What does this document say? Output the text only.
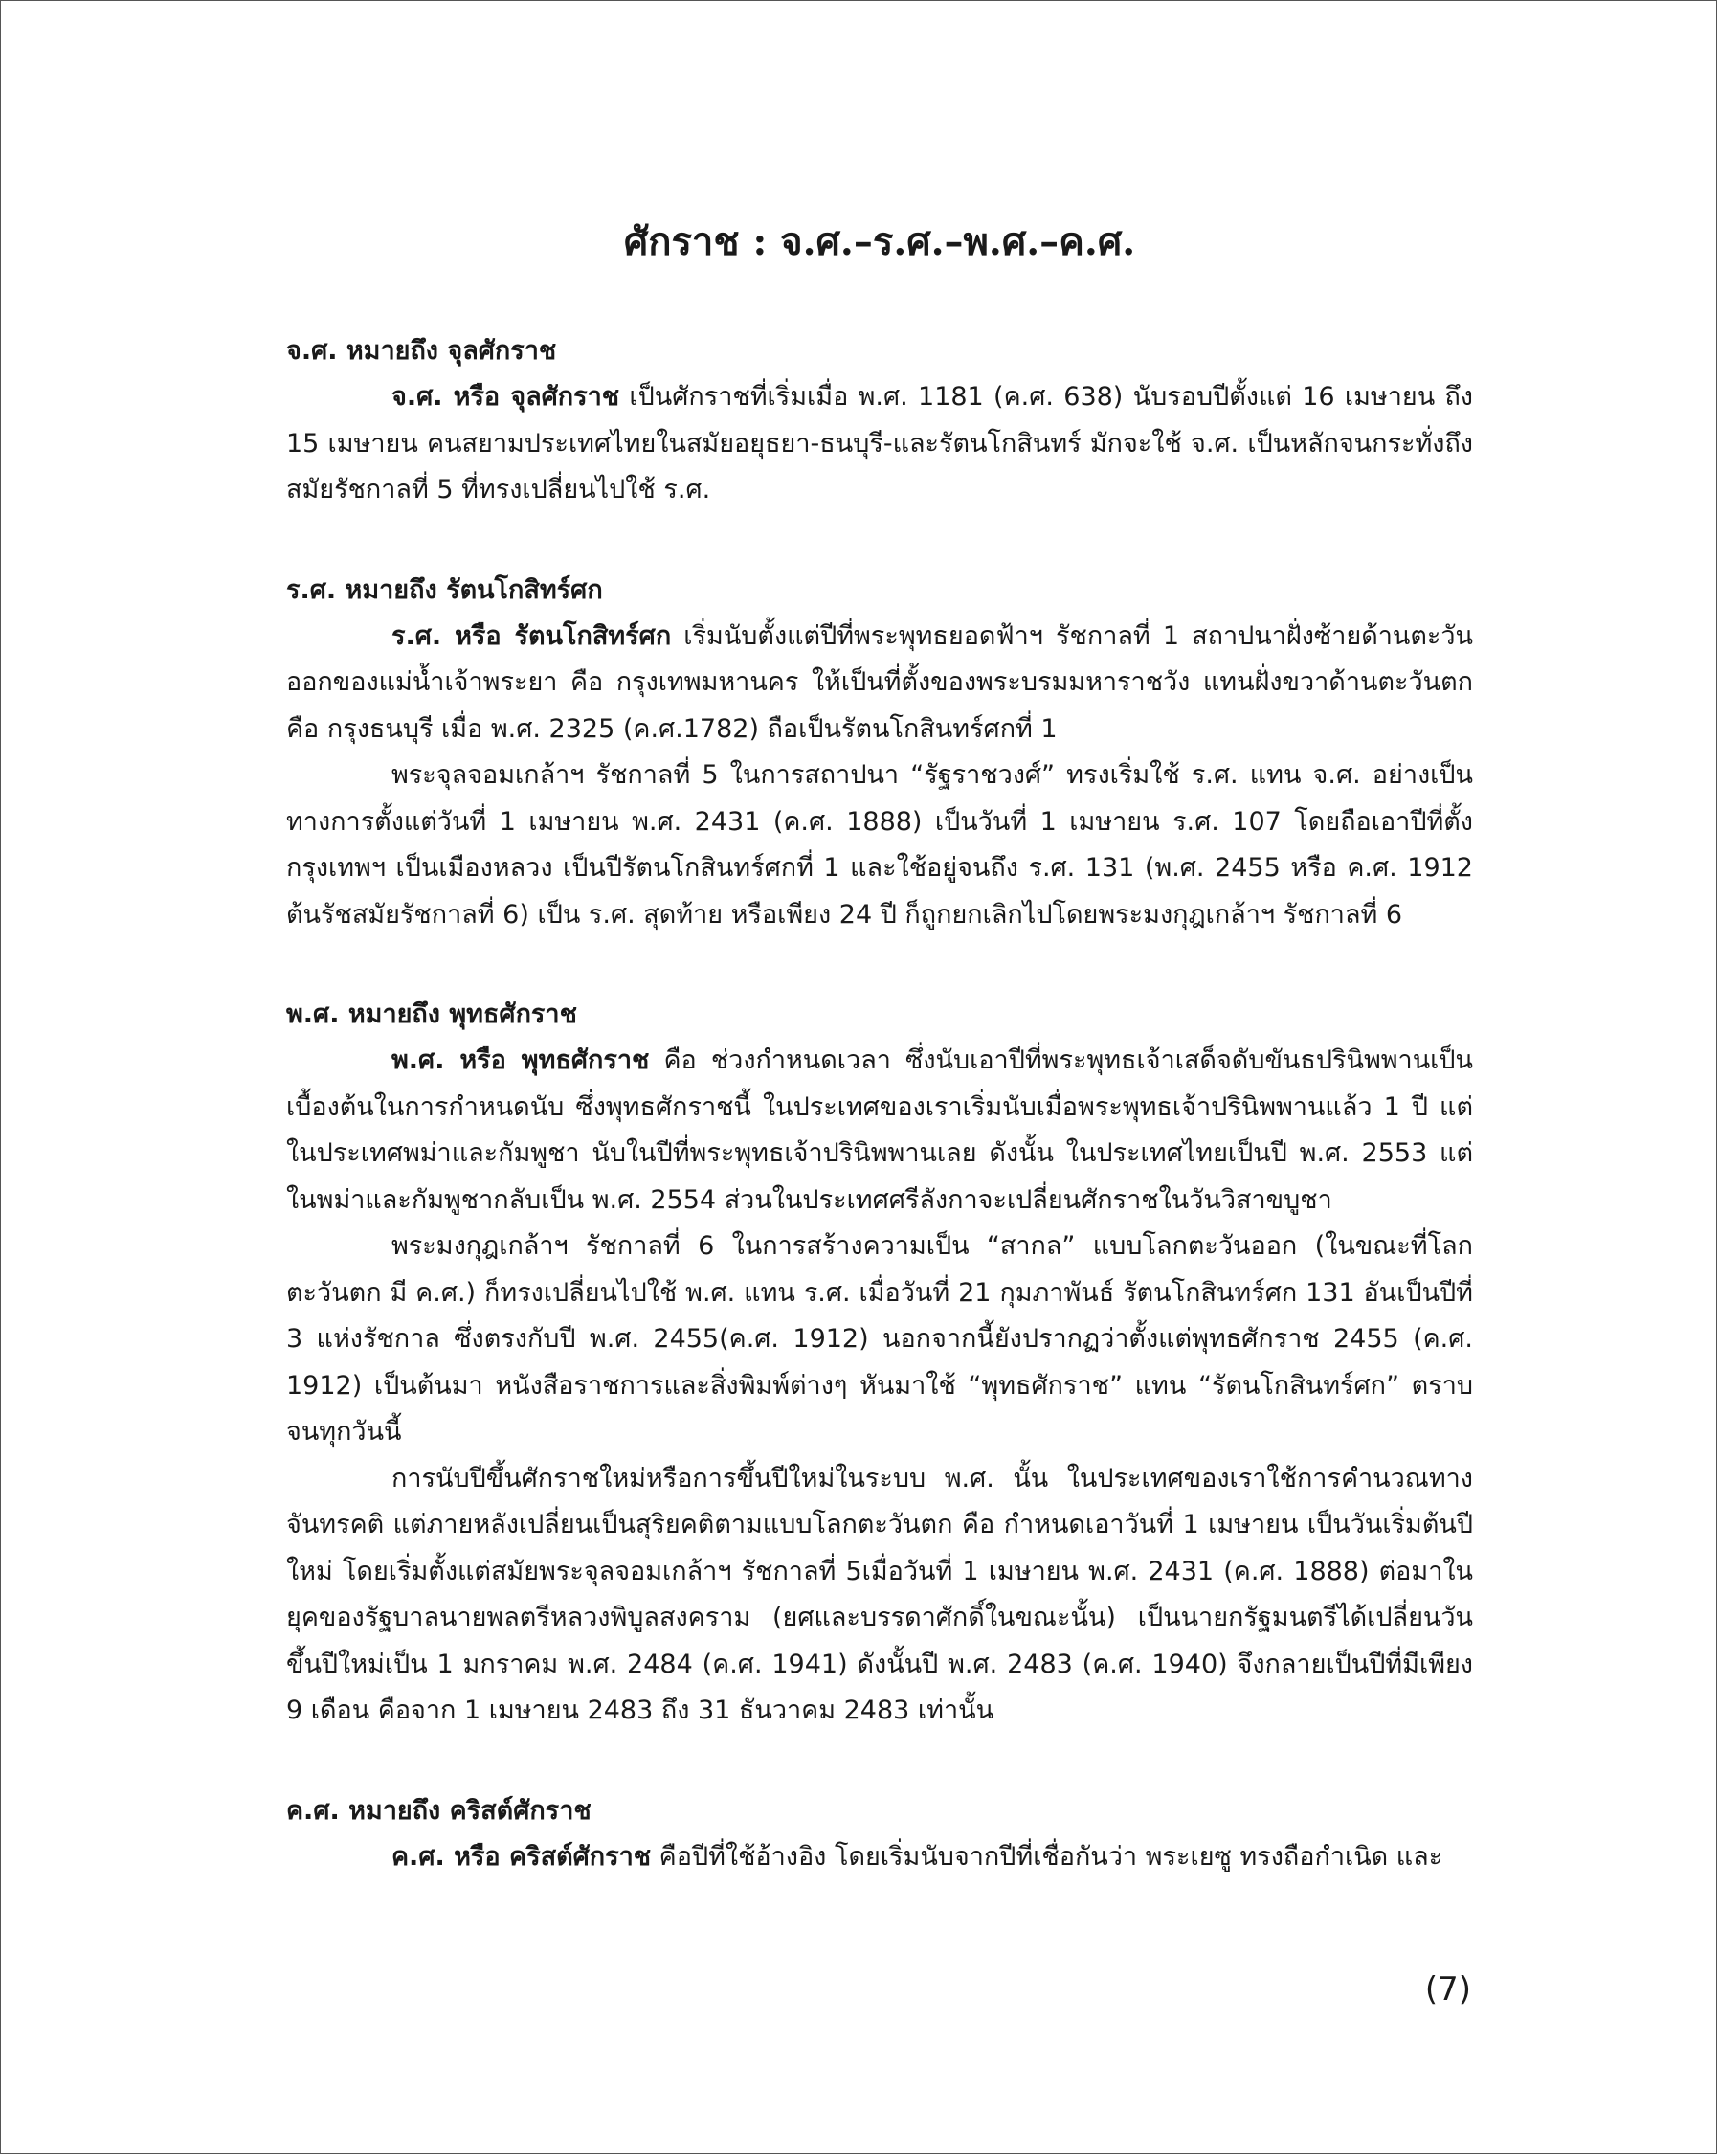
ศักราช : จ.ศ.–ร.ศ.–พ.ศ.–ค.ศ.
จ.ศ. หมายถึง จุลศักราช

จ.ศ. หรือ จุลศักราช เป็นศักราชที่เริ่มเมื่อ พ.ศ. 1181 (ค.ศ. 638) นับรอบปีตั้งแต่ 16 เมษายน ถึง 15 เมษายน คนสยามประเทศไทยในสมัยอยุธยา-ธนบุรี-และรัตนโกสินทร์ มักจะใช้ จ.ศ. เป็นหลักจนกระทั่งถึงสมัยรัชกาลที่ 5 ที่ทรงเปลี่ยนไปใช้ ร.ศ.

ร.ศ. หมายถึง รัตนโกสิทร์ศก

ร.ศ. หรือ รัตนโกสิทร์ศก เริ่มนับตั้งแต่ปีที่พระพุทธยอดฟ้าฯ รัชกาลที่ 1 สถาปนาฝั่งซ้ายด้านตะวันออกของแม่น้ำเจ้าพระยา คือ กรุงเทพมหานคร ให้เป็นที่ตั้งของพระบรมมหาราชวัง แทนฝั่งขวาด้านตะวันตก คือ กรุงธนบุรี เมื่อ พ.ศ. 2325 (ค.ศ.1782) ถือเป็นรัตนโกสินทร์ศกที่ 1

พระจุลจอมเกล้าฯ รัชกาลที่ 5 ในการสถาปนา “รัฐราชวงศ์” ทรงเริ่มใช้ ร.ศ. แทน จ.ศ. อย่างเป็นทางการตั้งแต่วันที่ 1 เมษายน พ.ศ. 2431 (ค.ศ. 1888) เป็นวันที่ 1 เมษายน ร.ศ. 107 โดยถือเอาปีที่ตั้งกรุงเทพฯ เป็นเมืองหลวง เป็นปีรัตนโกสินทร์ศกที่ 1 และใช้อยู่จนถึง ร.ศ. 131 (พ.ศ. 2455 หรือ ค.ศ. 1912 ต้นรัชสมัยรัชกาลที่ 6) เป็น ร.ศ. สุดท้าย หรือเพียง 24 ปี ก็ถูกยกเลิกไปโดยพระมงกุฎเกล้าฯ รัชกาลที่ 6

พ.ศ. หมายถึง พุทธศักราช

พ.ศ. หรือ พุทธศักราช คือ ช่วงกำหนดเวลา ซึ่งนับเอาปีที่พระพุทธเจ้าเสด็จดับขันธปรินิพพานเป็นเบื้องต้นในการกำหนดนับ ซึ่งพุทธศักราชนี้ ในประเทศของเราเริ่มนับเมื่อพระพุทธเจ้าปรินิพพานแล้ว 1 ปี แต่ในประเทศพม่าและกัมพูชา นับในปีที่พระพุทธเจ้าปรินิพพานเลย ดังนั้น ในประเทศไทยเป็นปี พ.ศ. 2553 แต่ในพม่าและกัมพูชากลับเป็น พ.ศ. 2554 ส่วนในประเทศศรีลังกาจะเปลี่ยนศักราชในวันวิสาขบูชา

พระมงกุฎเกล้าฯ รัชกาลที่ 6 ในการสร้างความเป็น “สากล” แบบโลกตะวันออก (ในขณะที่โลกตะวันตก มี ค.ศ.) ก็ทรงเปลี่ยนไปใช้ พ.ศ. แทน ร.ศ. เมื่อวันที่ 21 กุมภาพันธ์ รัตนโกสินทร์ศก 131 อันเป็นปีที่ 3 แห่งรัชกาล ซึ่งตรงกับปี พ.ศ. 2455(ค.ศ. 1912) นอกจากนี้ยังปรากฏว่าตั้งแต่พุทธศักราช 2455 (ค.ศ. 1912) เป็นต้นมา หนังสือราชการและสิ่งพิมพ์ต่างๆ หันมาใช้ “พุทธศักราช” แทน “รัตนโกสินทร์ศก” ตราบจนทุกวันนี้

การนับปีขึ้นศักราชใหม่หรือการขึ้นปีใหม่ในระบบ พ.ศ. นั้น ในประเทศของเราใช้การคำนวณทางจันทรคติ แต่ภายหลังเปลี่ยนเป็นสุริยคติตามแบบโลกตะวันตก คือ กำหนดเอาวันที่ 1 เมษายน เป็นวันเริ่มต้นปีใหม่ โดยเริ่มตั้งแต่สมัยพระจุลจอมเกล้าฯ รัชกาลที่ 5เมื่อวันที่ 1 เมษายน พ.ศ. 2431 (ค.ศ. 1888) ต่อมาในยุคของรัฐบาลนายพลตรีหลวงพิบูลสงคราม (ยศและบรรดาศักดิ์ในขณะนั้น) เป็นนายกรัฐมนตรีได้เปลี่ยนวันขึ้นปีใหม่เป็น 1 มกราคม พ.ศ. 2484 (ค.ศ. 1941) ดังนั้นปี พ.ศ. 2483 (ค.ศ. 1940) จึงกลายเป็นปีที่มีเพียง 9 เดือน คือจาก 1 เมษายน 2483 ถึง 31 ธันวาคม 2483 เท่านั้น

ค.ศ. หมายถึง คริสต์ศักราช

ค.ศ. หรือ คริสต์ศักราช คือปีที่ใช้อ้างอิง โดยเริ่มนับจากปีที่เชื่อกันว่า พระเยซู ทรงถือกำเนิด และ

(7)
